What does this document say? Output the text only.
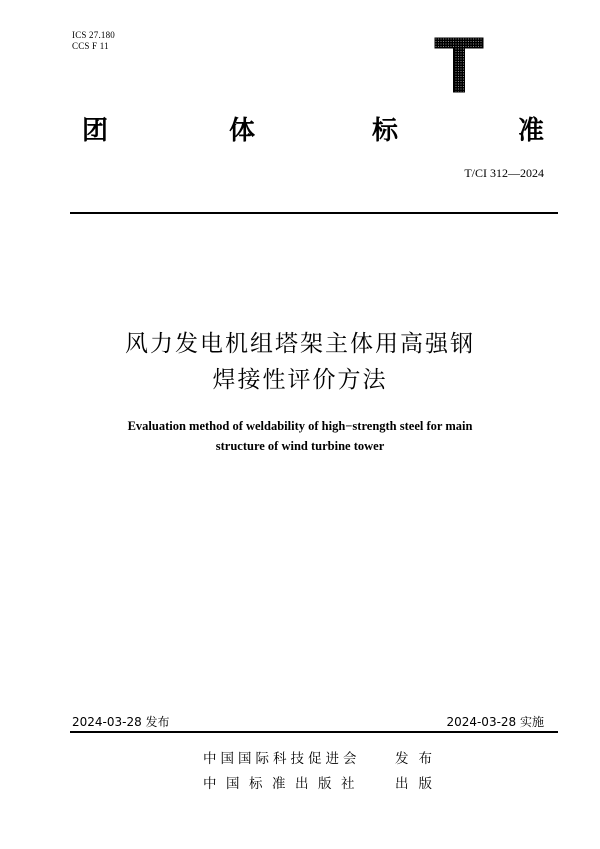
ICS 27.180
CCS F 11
团	体	标	准
T/CI 312—2024
风力发电机组塔架主体用高强钢
焊接性评价方法
Evaluation method of weldability of high−strength steel for main
structure of wind turbine tower
2024-03-28 发布	2024-03-28 实施
中国国际科技促进会	发布
中国标准出版社 出版
